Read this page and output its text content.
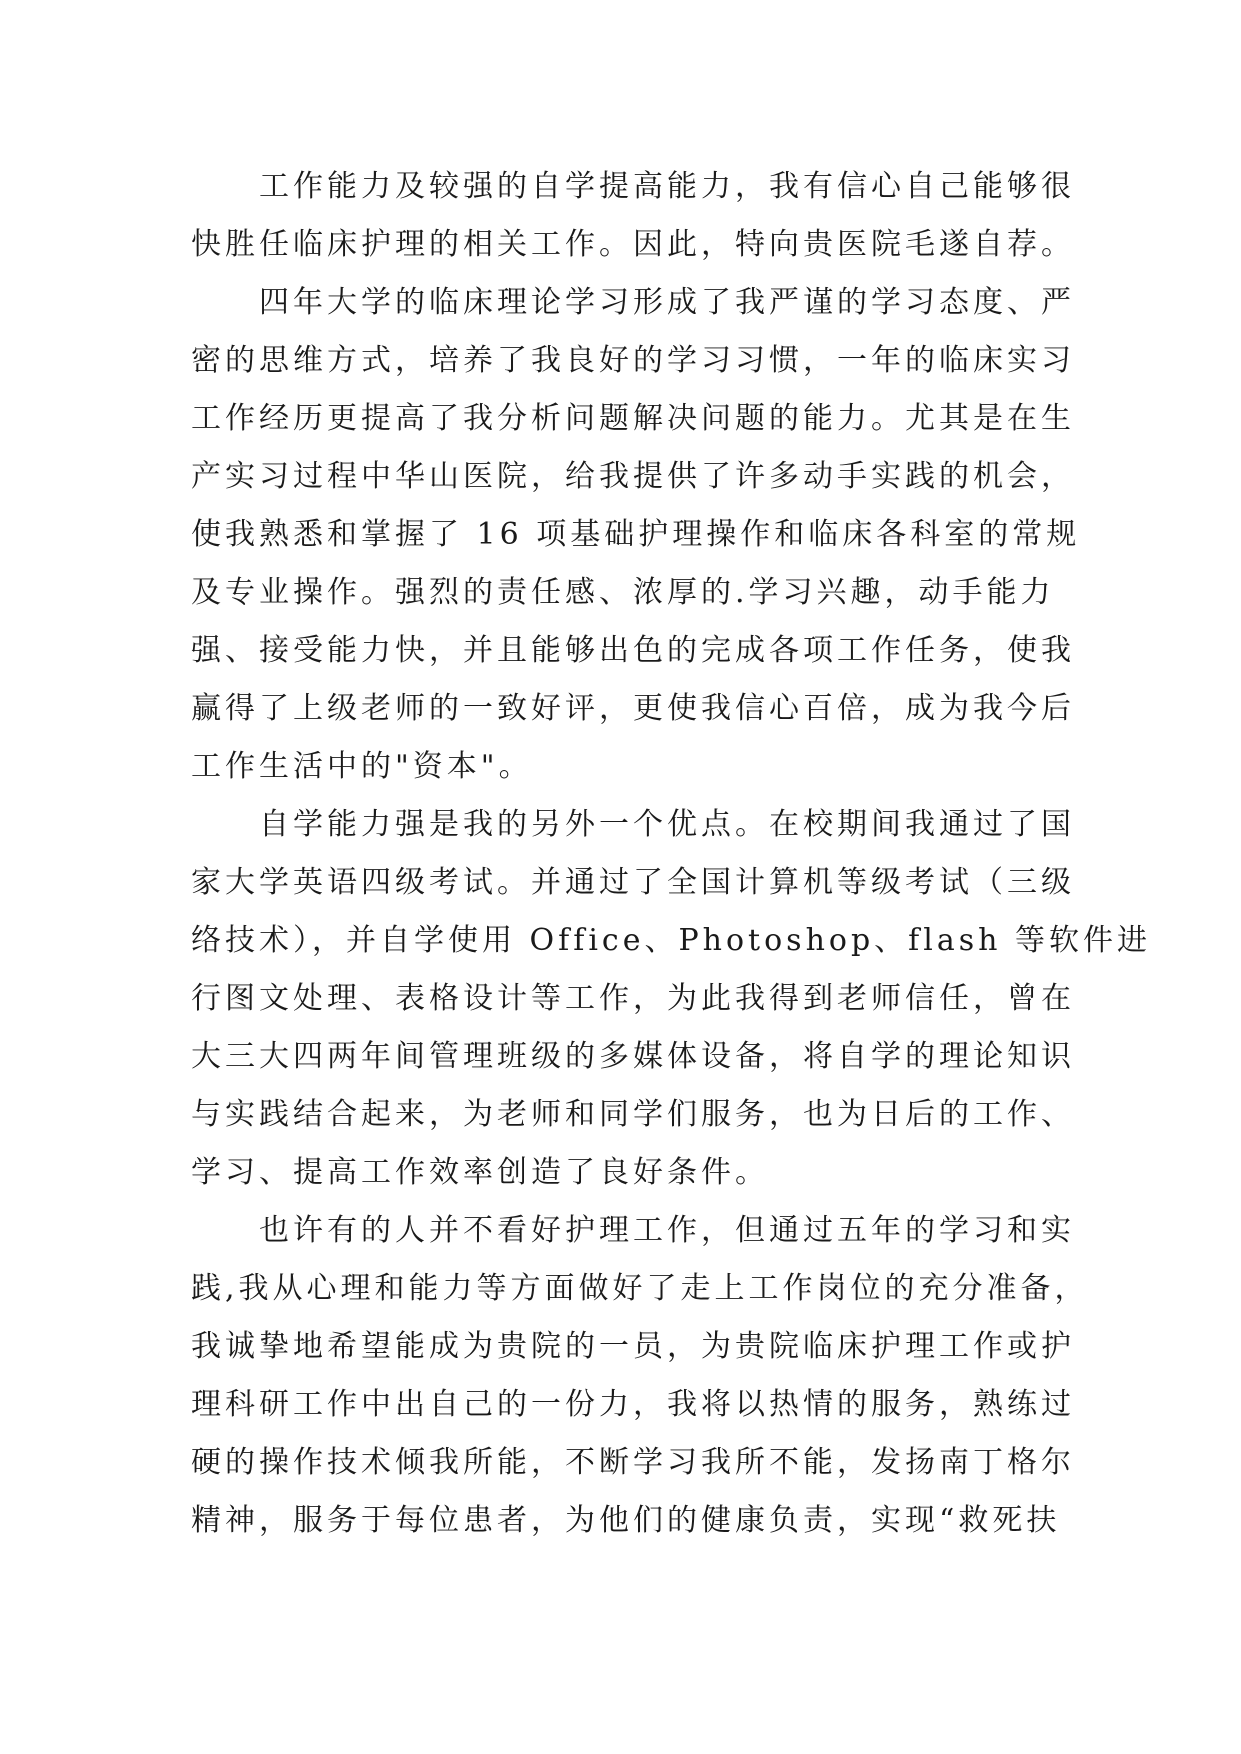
工作能力及较强的自学提高能力，我有信心自己能够很
快胜任临床护理的相关工作。因此，特向贵医院毛遂自荐。
四年大学的临床理论学习形成了我严谨的学习态度、严
密的思维方式，培养了我良好的学习习惯，一年的临床实习
工作经历更提高了我分析问题解决问题的能力。尤其是在生
产实习过程中华山医院，给我提供了许多动手实践的机会，
使我熟悉和掌握了 16 项基础护理操作和临床各科室的常规
及专业操作。强烈的责任感、浓厚的.学习兴趣，动手能力
强、接受能力快，并且能够出色的完成各项工作任务，使我
赢得了上级老师的一致好评，更使我信心百倍，成为我今后
工作生活中的"资本"。
自学能力强是我的另外一个优点。在校期间我通过了国
家大学英语四级考试。并通过了全国计算机等级考试（三级
络技术），并自学使用 Office、Photoshop、flash 等软件进
行图文处理、表格设计等工作，为此我得到老师信任，曾在
大三大四两年间管理班级的多媒体设备，将自学的理论知识
与实践结合起来，为老师和同学们服务，也为日后的工作、
学习、提高工作效率创造了良好条件。
也许有的人并不看好护理工作，但通过五年的学习和实
践,我从心理和能力等方面做好了走上工作岗位的充分准备，
我诚挚地希望能成为贵院的一员，为贵院临床护理工作或护
理科研工作中出自己的一份力，我将以热情的服务，熟练过
硬的操作技术倾我所能，不断学习我所不能，发扬南丁格尔
精神，服务于每位患者，为他们的健康负责，实现“救死扶
